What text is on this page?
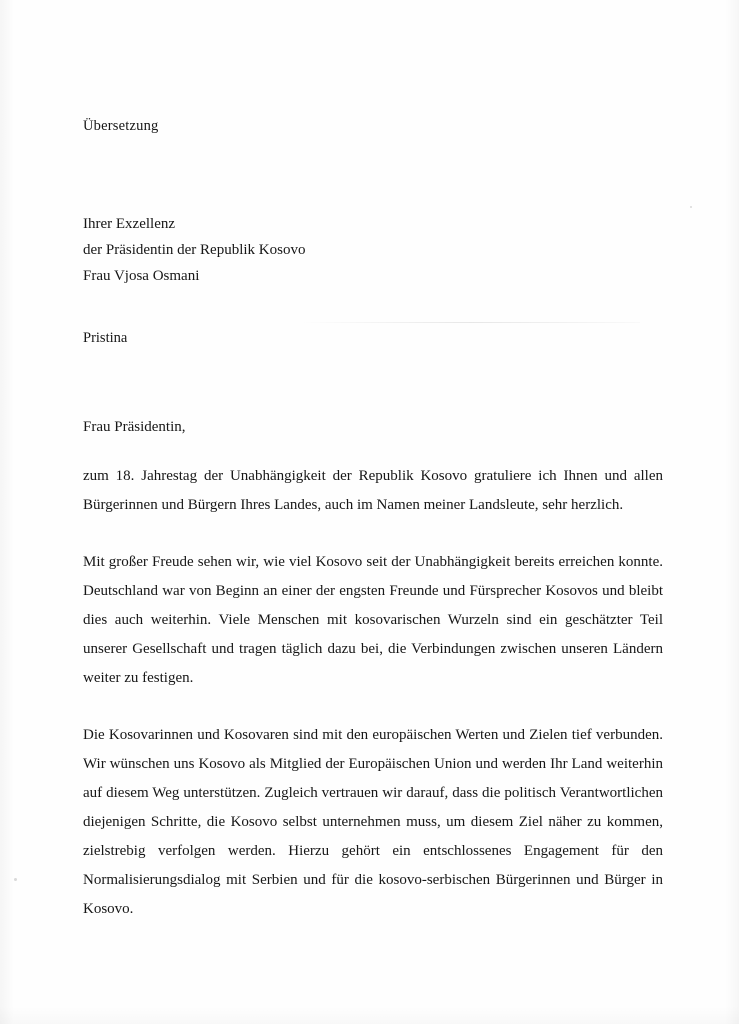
Übersetzung
Ihrer Exzellenz
der Präsidentin der Republik Kosovo
Frau Vjosa Osmani
Pristina
Frau Präsidentin,

zum 18. Jahrestag der Unabhängigkeit der Republik Kosovo gratuliere ich Ihnen und allen Bürgerinnen und Bürgern Ihres Landes, auch im Namen meiner Landsleute, sehr herzlich.

Mit großer Freude sehen wir, wie viel Kosovo seit der Unabhängigkeit bereits erreichen konnte. Deutschland war von Beginn an einer der engsten Freunde und Fürsprecher Kosovos und bleibt dies auch weiterhin. Viele Menschen mit kosovarischen Wurzeln sind ein geschätzter Teil unserer Gesellschaft und tragen täglich dazu bei, die Verbindungen zwischen unseren Ländern weiter zu festigen.

Die Kosovarinnen und Kosovaren sind mit den europäischen Werten und Zielen tief verbunden. Wir wünschen uns Kosovo als Mitglied der Europäischen Union und werden Ihr Land weiterhin auf diesem Weg unterstützen. Zugleich vertrauen wir darauf, dass die politisch Verantwortlichen diejenigen Schritte, die Kosovo selbst unternehmen muss, um diesem Ziel näher zu kommen, zielstrebig verfolgen werden. Hierzu gehört ein entschlossenes Engagement für den Normalisierungsdialog mit Serbien und für die kosovo-serbischen Bürgerinnen und Bürger in Kosovo.
